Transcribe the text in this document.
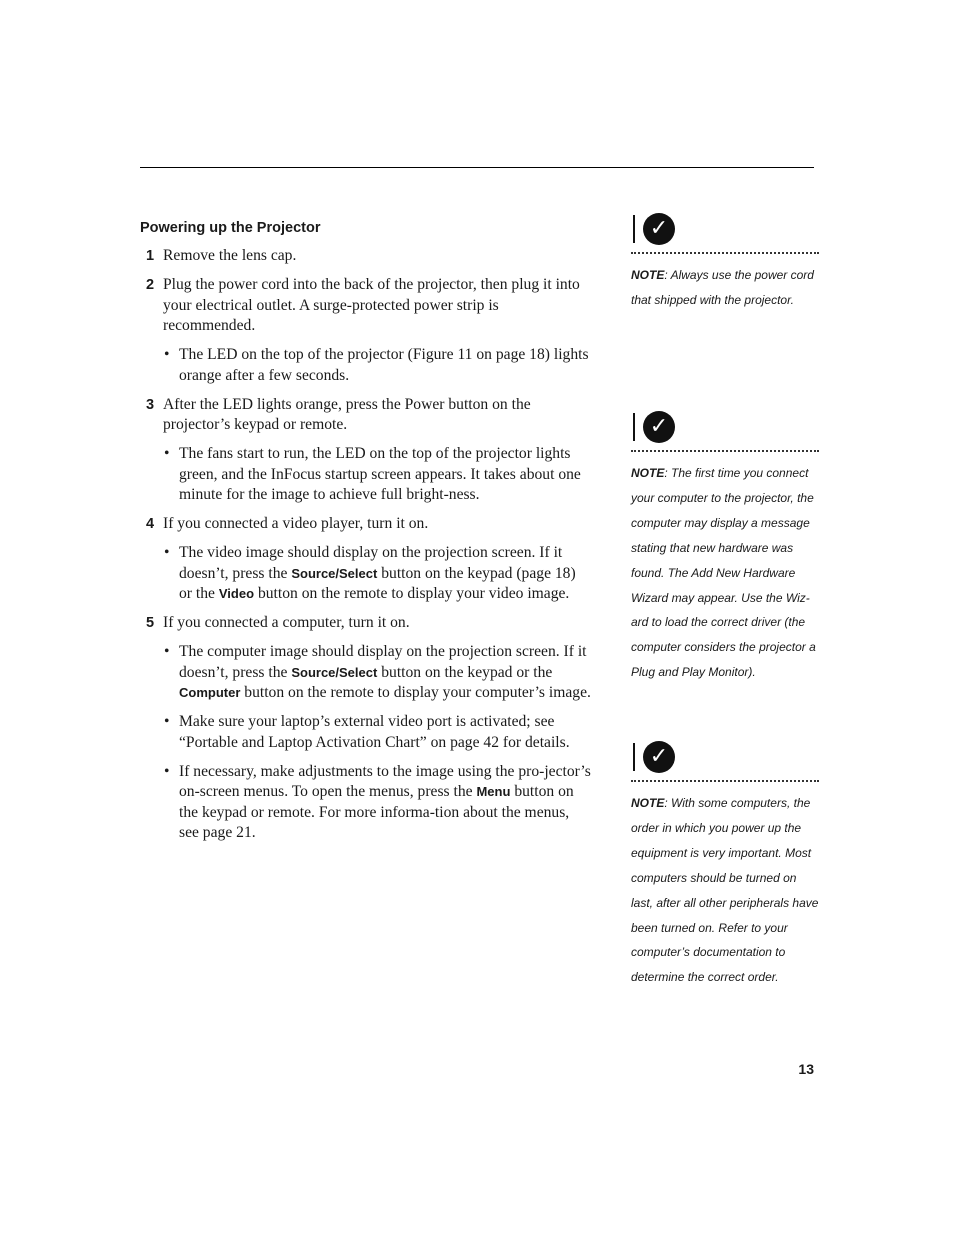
Powering up the Projector
1 Remove the lens cap.
2 Plug the power cord into the back of the projector, then plug it into your electrical outlet. A surge-protected power strip is recommended.
• The LED on the top of the projector (Figure 11 on page 18) lights orange after a few seconds.
3 After the LED lights orange, press the Power button on the projector’s keypad or remote.
• The fans start to run, the LED on the top of the projector lights green, and the InFocus startup screen appears. It takes about one minute for the image to achieve full bright-ness.
4 If you connected a video player, turn it on.
• The video image should display on the projection screen. If it doesn’t, press the Source/Select button on the keypad (page 18) or the Video button on the remote to display your video image.
5 If you connected a computer, turn it on.
• The computer image should display on the projection screen. If it doesn’t, press the Source/Select button on the keypad or the Computer button on the remote to display your computer’s image.
• Make sure your laptop’s external video port is activated; see “Portable and Laptop Activation Chart” on page 42 for details.
• If necessary, make adjustments to the image using the pro-jector’s on-screen menus. To open the menus, press the Menu button on the keypad or remote. For more informa-tion about the menus, see page 21.
✓

NOTE: Always use the power cord that shipped with the projector.

✓

NOTE: The first time you connect your computer to the projector, the computer may display a message stating that new hardware was found. The Add New Hardware Wizard may appear. Use the Wiz-ard to load the correct driver (the computer considers the projector a Plug and Play Monitor).

✓

NOTE: With some computers, the order in which you power up the equipment is very important. Most computers should be turned on last, after all other peripherals have been turned on. Refer to your computer’s documentation to determine the correct order.

13
